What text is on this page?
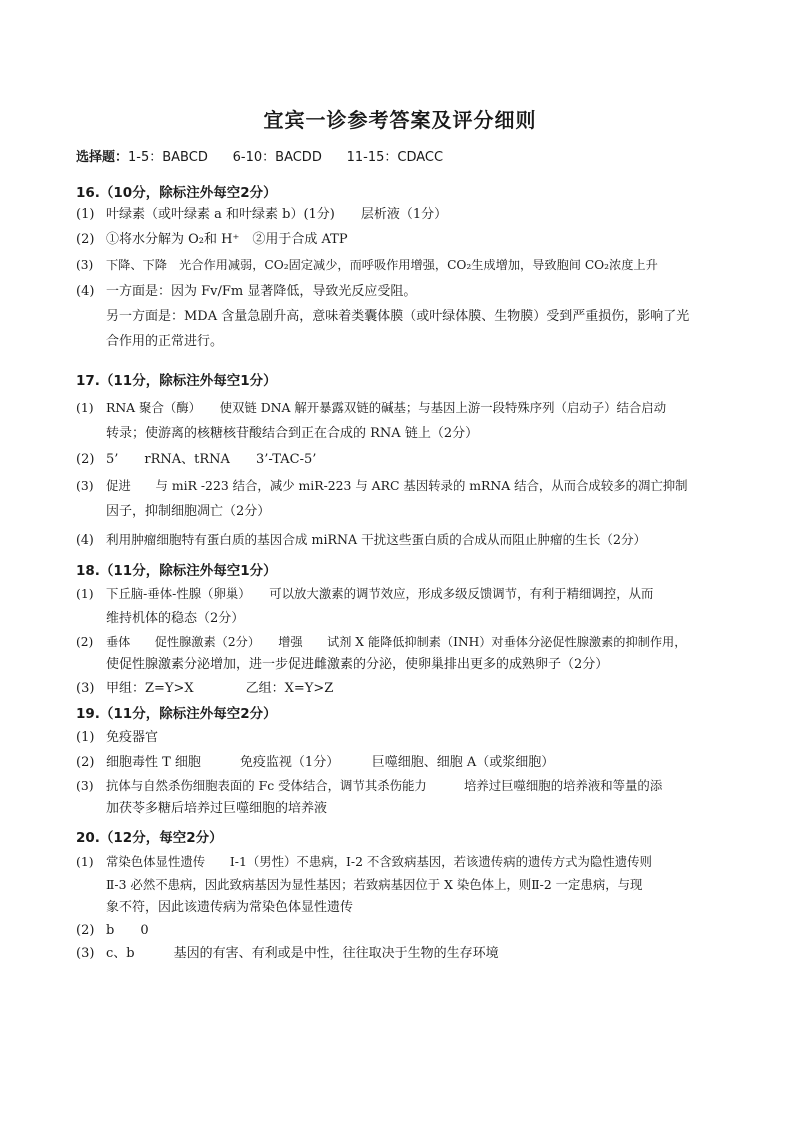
宜宾一诊参考答案及评分细则
选择题：1-5：BABCD 6-10：BACDD 11-15：CDACC
16.（10分，除标注外每空2分）
(1) 叶绿素（或叶绿素 a 和叶绿素 b）(1分)　　层析液（1分）
(2) ①将水分解为 O₂和 H⁺　②用于合成 ATP
(3) 下降、下降　光合作用减弱，CO₂固定减少，而呼吸作用增强，CO₂生成增加，导致胞间 CO₂浓度上升
(4) 一方面是：因为 Fv/Fm 显著降低，导致光反应受阻。
另一方面是：MDA 含量急剧升高，意味着类囊体膜（或叶绿体膜、生物膜）受到严重损伤，影响了光
合作用的正常进行。
17.（11分，除标注外每空1分）
(1) RNA 聚合（酶）　　使双链 DNA 解开暴露双链的碱基；与基因上游一段特殊序列（启动子）结合启动
转录；使游离的核糖核苷酸结合到正在合成的 RNA 链上（2分）
(2) 5’　　rRNA、tRNA　　3’-TAC-5’
(3) 促进　　与 miR -223 结合，减少 miR-223 与 ARC 基因转录的 mRNA 结合，从而合成较多的凋亡抑制
因子，抑制细胞凋亡（2分）
(4) 利用肿瘤细胞特有蛋白质的基因合成 miRNA 干扰这些蛋白质的合成从而阻止肿瘤的生长（2分）
18.（11分，除标注外每空1分）
(1) 下丘脑-垂体-性腺（卵巢）　　可以放大激素的调节效应，形成多级反馈调节，有利于精细调控，从而
维持机体的稳态（2分）
(2) 垂体　　促性腺激素（2分）　　增强　　试剂 X 能降低抑制素（INH）对垂体分泌促性腺激素的抑制作用，
使促性腺激素分泌增加，进一步促进雌激素的分泌，使卵巢排出更多的成熟卵子（2分）
(3) 甲组：Z=Y>X　　　　乙组：X=Y>Z
19.（11分，除标注外每空2分）
(1) 免疫器官
(2) 细胞毒性 T 细胞　　　免疫监视（1分）　　　巨噬细胞、细胞 A（或浆细胞）
(3) 抗体与自然杀伤细胞表面的 Fc 受体结合，调节其杀伤能力　　　培养过巨噬细胞的培养液和等量的添
加茯苓多糖后培养过巨噬细胞的培养液
20.（12分，每空2分）
(1) 常染色体显性遗传　　I-1（男性）不患病，I-2 不含致病基因，若该遗传病的遗传方式为隐性遗传则
Ⅱ-3 必然不患病，因此致病基因为显性基因；若致病基因位于 X 染色体上，则Ⅱ-2 一定患病，与现
象不符，因此该遗传病为常染色体显性遗传
(2) b　　0
(3) c、b　　　基因的有害、有利或是中性，往往取决于生物的生存环境
